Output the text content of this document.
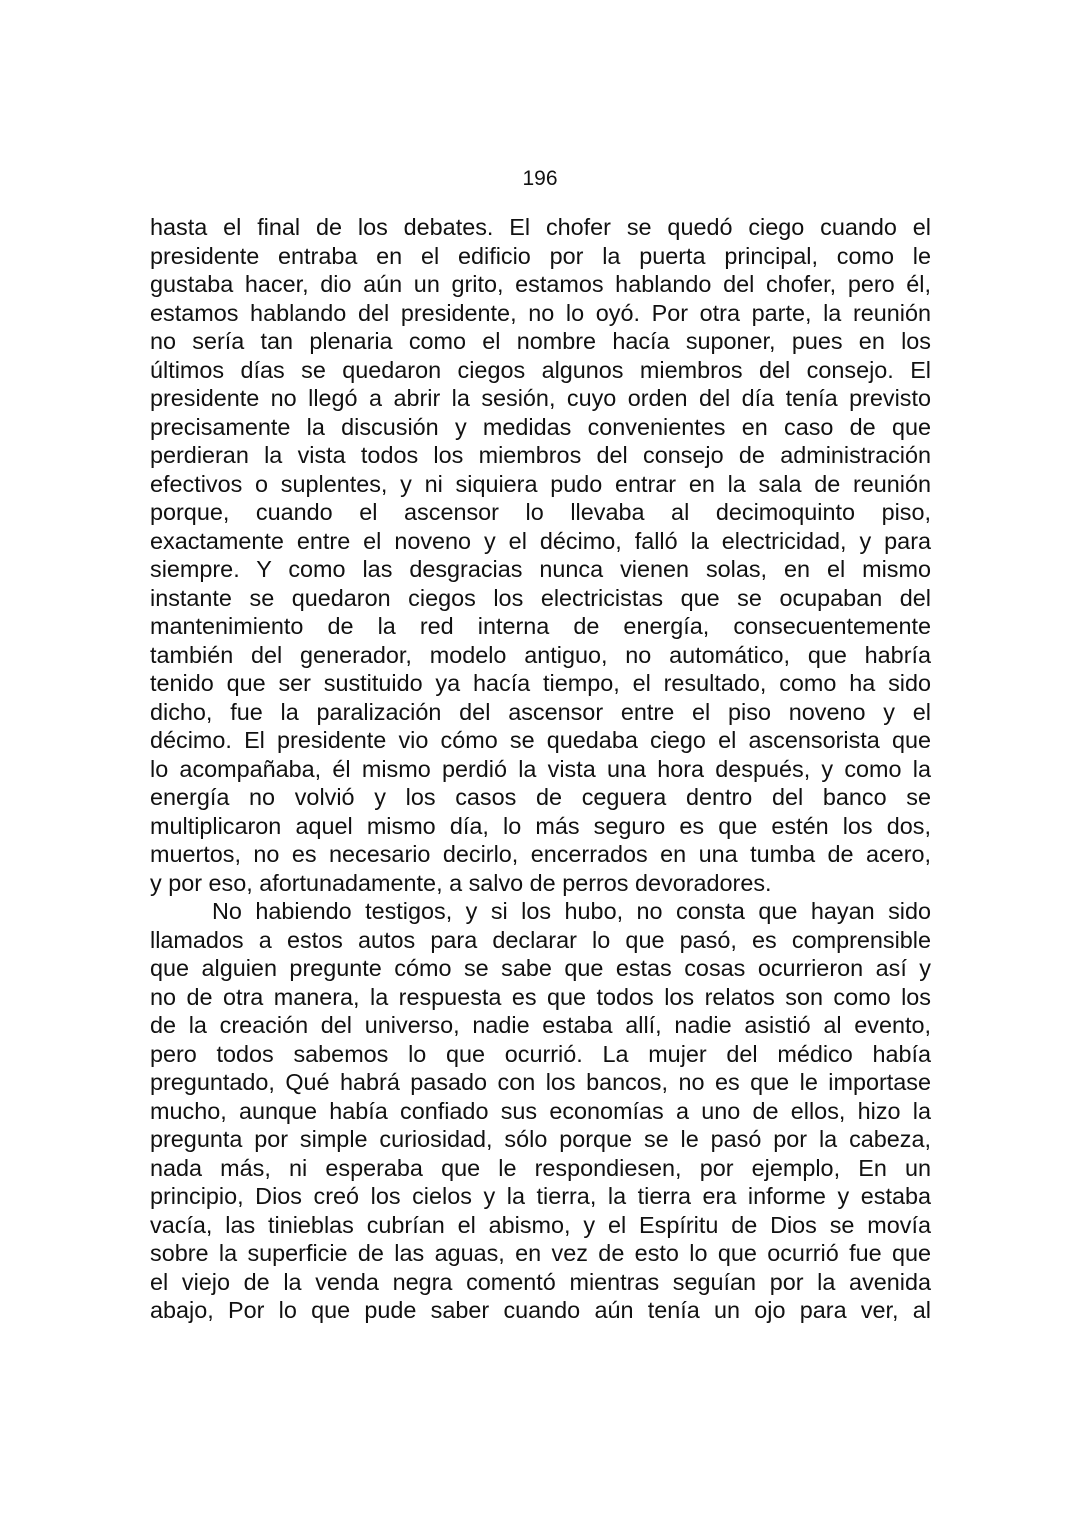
196

hasta el final de los debates. El chofer se quedó ciego cuando el
presidente entraba en el edificio por la puerta principal, como le
gustaba hacer, dio aún un grito, estamos hablando del chofer, pero él,
estamos hablando del presidente, no lo oyó. Por otra parte, la reunión
no sería tan plenaria como el nombre hacía suponer, pues en los
últimos días se quedaron ciegos algunos miembros del consejo. El
presidente no llegó a abrir la sesión, cuyo orden del día tenía previsto
precisamente la discusión y medidas convenientes en caso de que
perdieran la vista todos los miembros del consejo de administración
efectivos o suplentes, y ni siquiera pudo entrar en la sala de reunión
porque, cuando el ascensor lo llevaba al decimoquinto piso,
exactamente entre el noveno y el décimo, falló la electricidad, y para
siempre. Y como las desgracias nunca vienen solas, en el mismo
instante se quedaron ciegos los electricistas que se ocupaban del
mantenimiento de la red interna de energía, consecuentemente
también del generador, modelo antiguo, no automático, que habría
tenido que ser sustituido ya hacía tiempo, el resultado, como ha sido
dicho, fue la paralización del ascensor entre el piso noveno y el
décimo. El presidente vio cómo se quedaba ciego el ascensorista que
lo acompañaba, él mismo perdió la vista una hora después, y como la
energía no volvió y los casos de ceguera dentro del banco se
multiplicaron aquel mismo día, lo más seguro es que estén los dos,
muertos, no es necesario decirlo, encerrados en una tumba de acero,
y por eso, afortunadamente, a salvo de perros devoradores.

No habiendo testigos, y si los hubo, no consta que hayan sido
llamados a estos autos para declarar lo que pasó, es comprensible
que alguien pregunte cómo se sabe que estas cosas ocurrieron así y
no de otra manera, la respuesta es que todos los relatos son como los
de la creación del universo, nadie estaba allí, nadie asistió al evento,
pero todos sabemos lo que ocurrió. La mujer del médico había
preguntado, Qué habrá pasado con los bancos, no es que le importase
mucho, aunque había confiado sus economías a uno de ellos, hizo la
pregunta por simple curiosidad, sólo porque se le pasó por la cabeza,
nada más, ni esperaba que le respondiesen, por ejemplo, En un
principio, Dios creó los cielos y la tierra, la tierra era informe y estaba
vacía, las tinieblas cubrían el abismo, y el Espíritu de Dios se movía
sobre la superficie de las aguas, en vez de esto lo que ocurrió fue que
el viejo de la venda negra comentó mientras seguían por la avenida
abajo, Por lo que pude saber cuando aún tenía un ojo para ver, al
